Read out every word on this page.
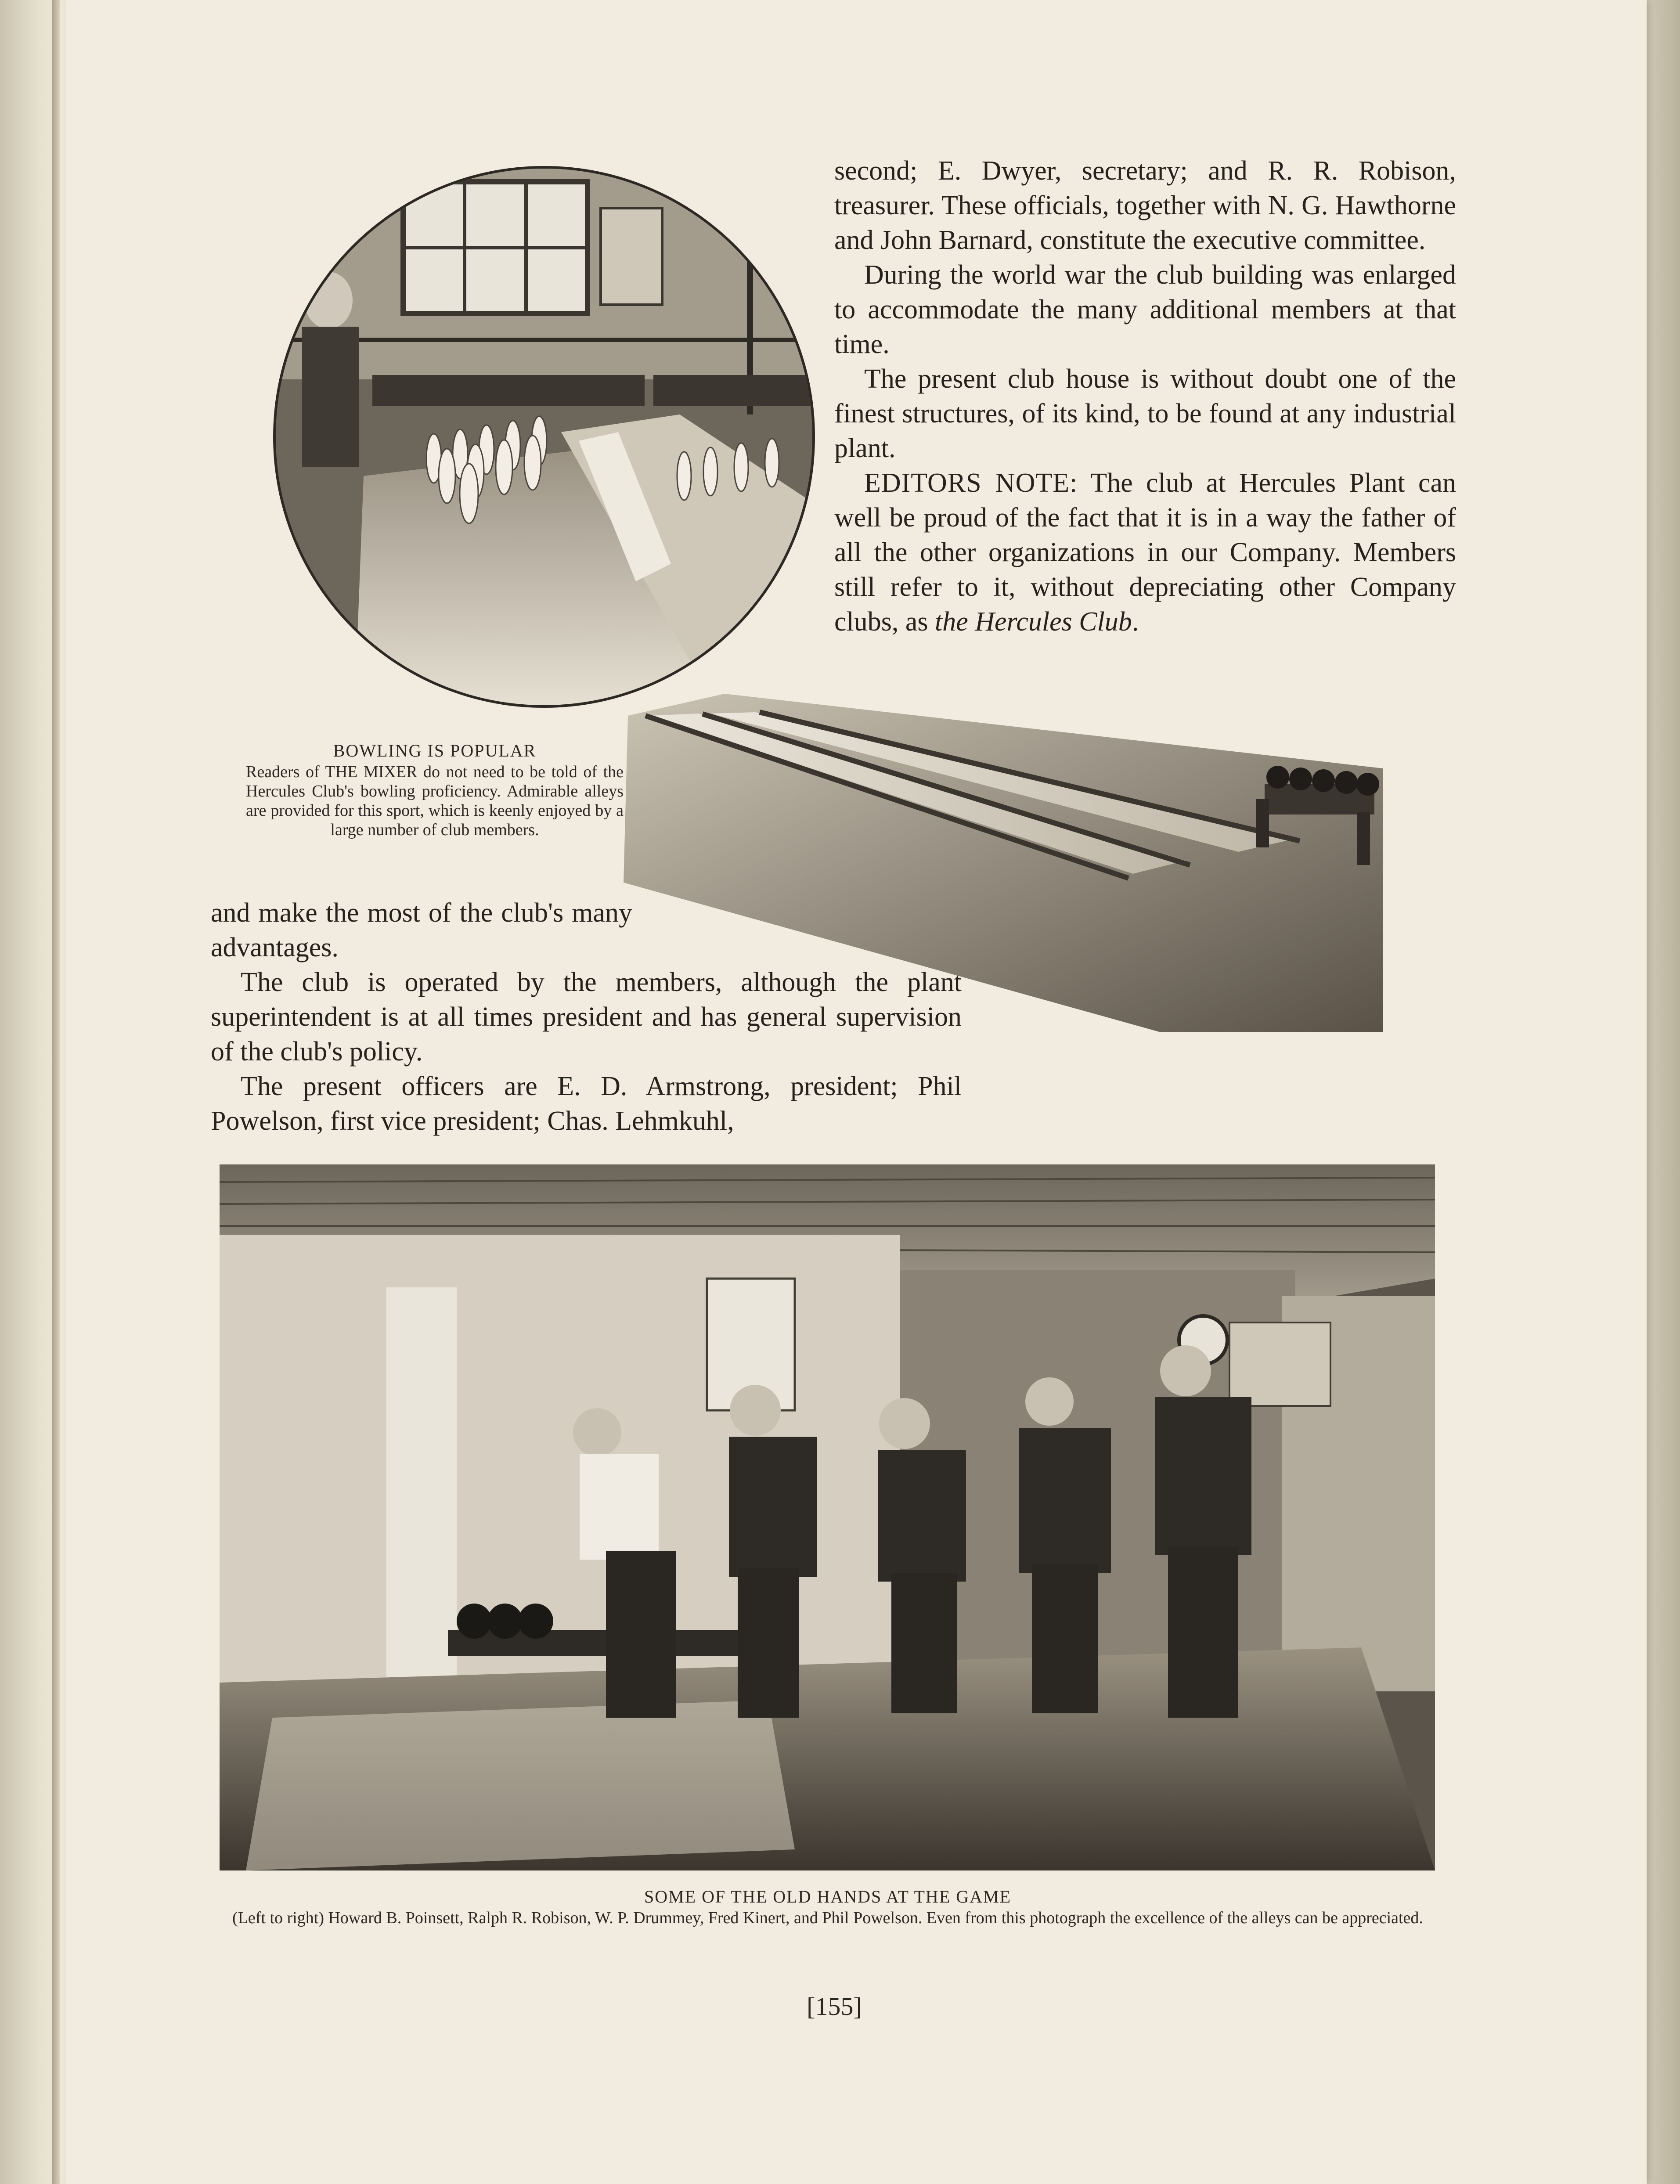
second; E. Dwyer, secretary; and R. R. Robison, treasurer. These officials, together with N. G. Hawthorne and John Barnard, constitute the executive committee.

During the world war the club building was enlarged to accommodate the many additional members at that time.

The present club house is without doubt one of the finest structures, of its kind, to be found at any industrial plant.

EDITORS NOTE: The club at Hercules Plant can well be proud of the fact that it is in a way the father of all the other organizations in our Company. Members still refer to it, without depreciating other Company clubs, as the Hercules Club.

BOWLING IS POPULAR
Readers of THE MIXER do not need to be told of the Hercules Club's bowling proficiency. Admirable alleys are provided for this sport, which is keenly enjoyed by a large number of club members.

and make the most of the club's many advantages.

The club is operated by the members, although the plant superintendent is at all times president and has general supervision of the club's policy.

The present officers are E. D. Armstrong, president; Phil Powelson, first vice president; Chas. Lehmkuhl,

SOME OF THE OLD HANDS AT THE GAME
(Left to right) Howard B. Poinsett, Ralph R. Robison, W. P. Drummey, Fred Kinert, and Phil Powelson. Even from this photograph the excellence of the alleys can be appreciated.
[155]
